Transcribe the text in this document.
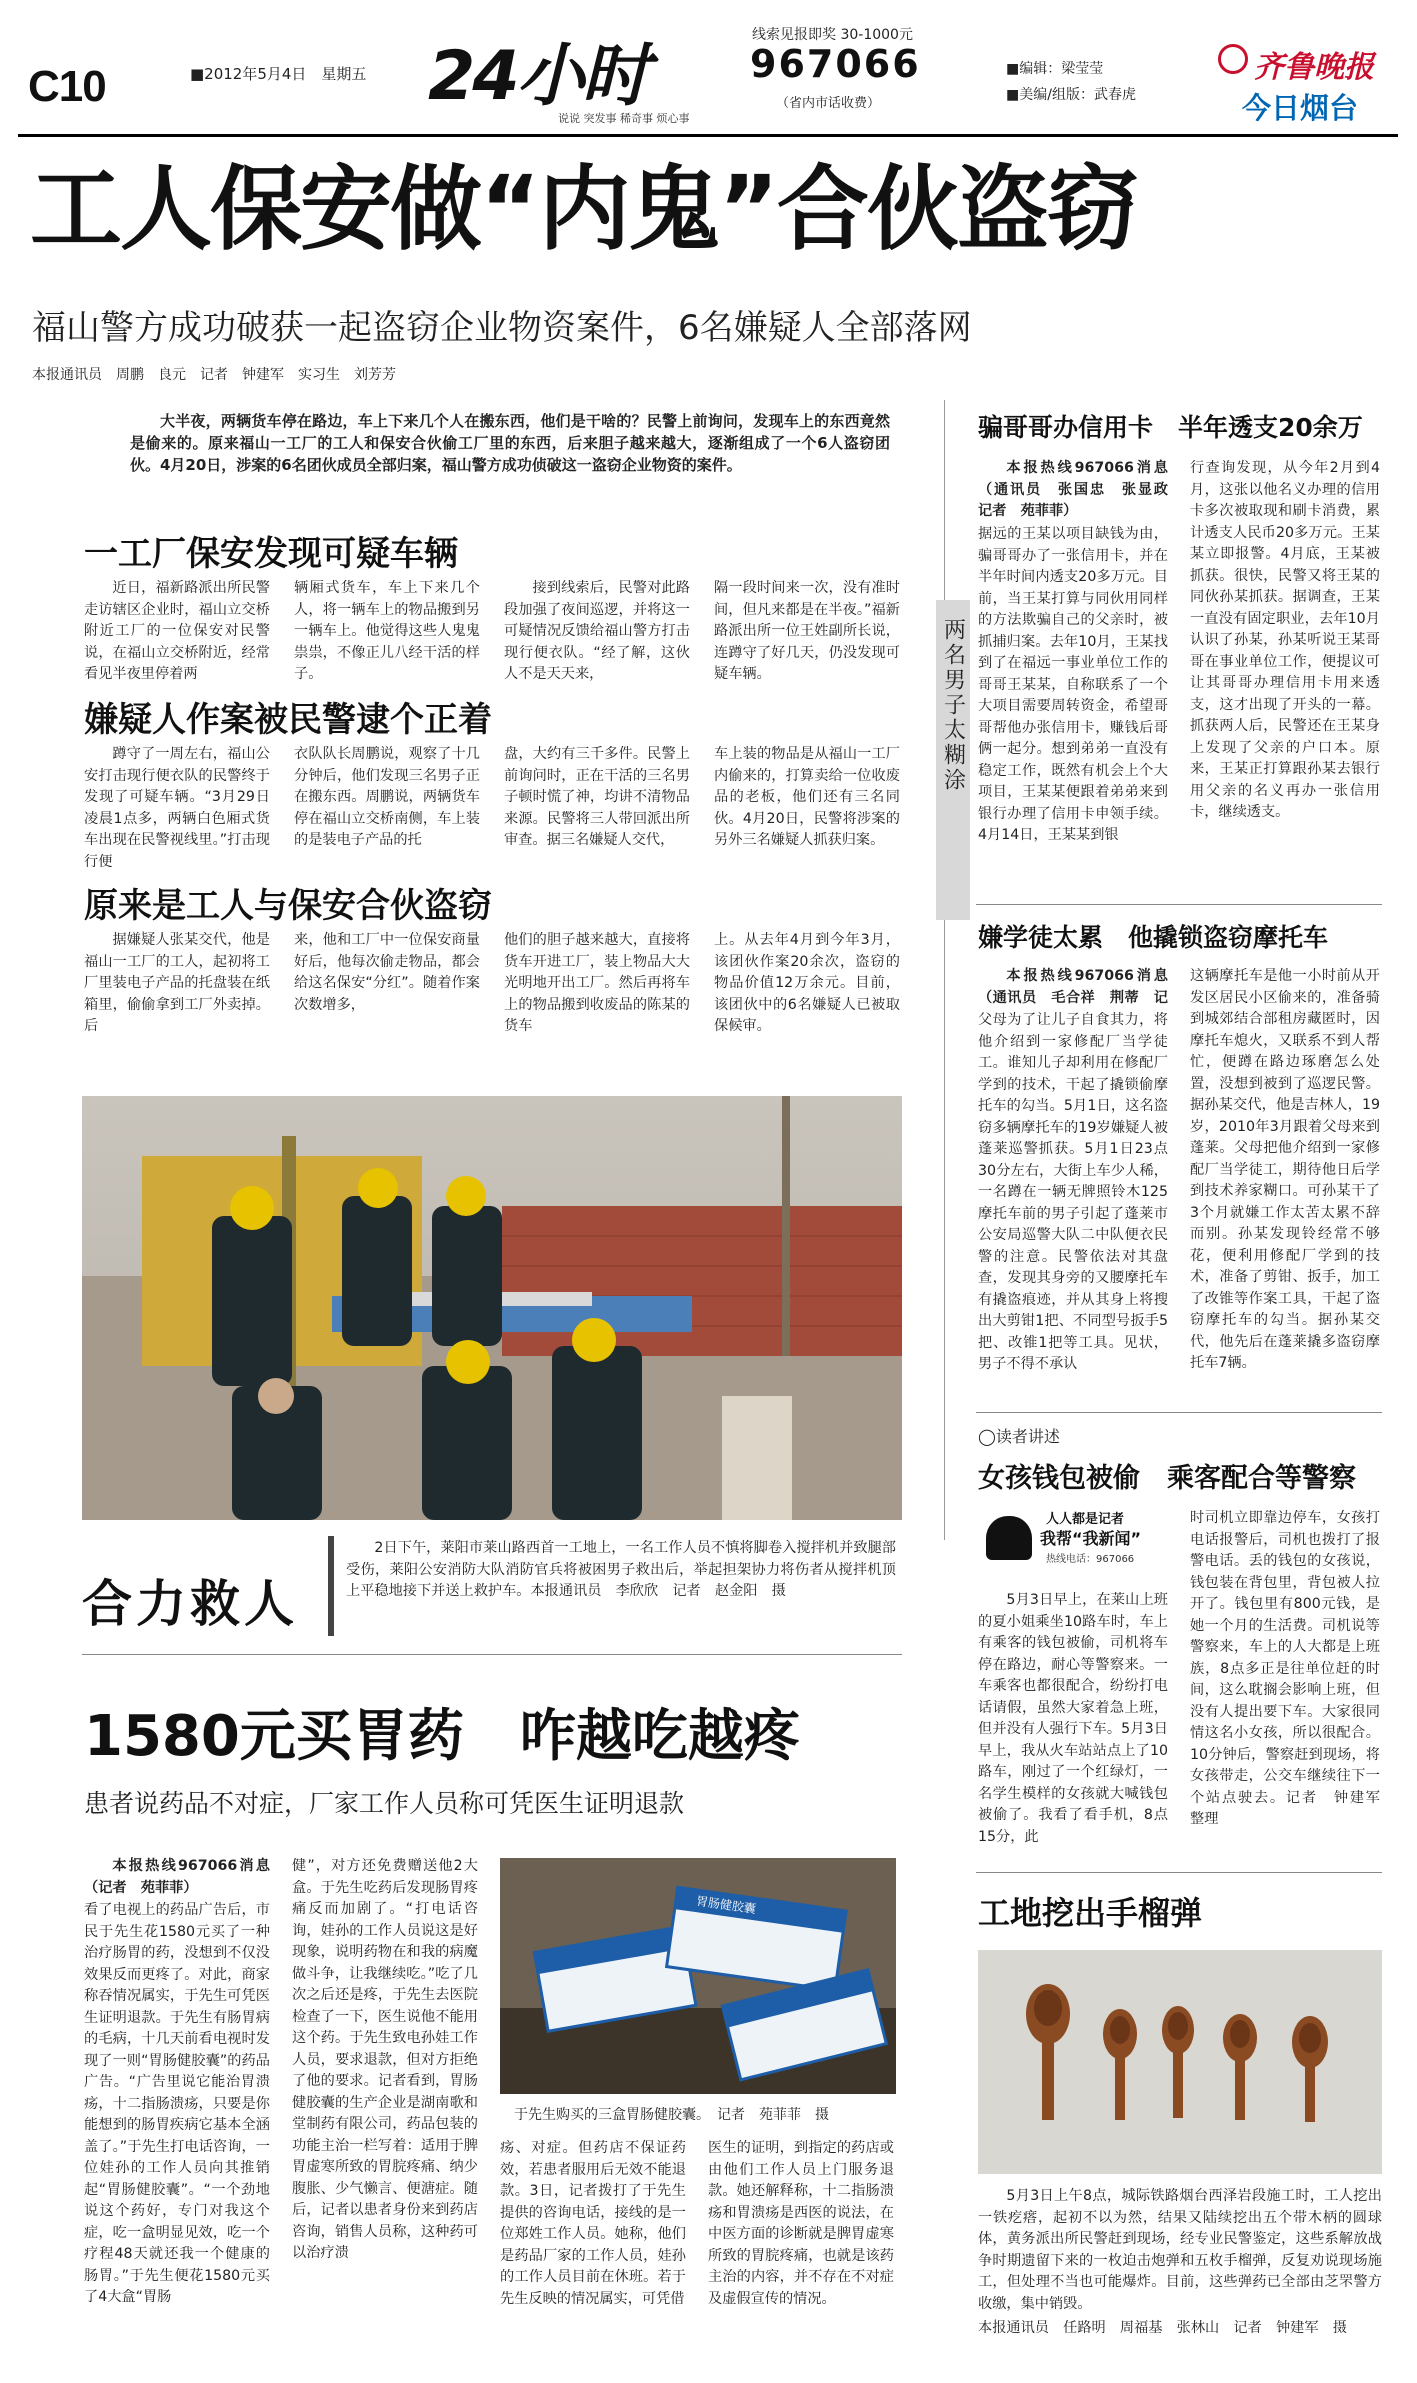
C10	■2012年5月4日　星期五 24小时
说说 突发事 稀奇事 烦心事
线索见报即奖 30-1000元
967066
（省内市话收费）
■编辑：梁莹莹
■美编/组版：武春虎
齐鲁晚报
今日烟台
工人保安做“内鬼”合伙盗窃
福山警方成功破获一起盗窃企业物资案件，6名嫌疑人全部落网
本报通讯员　周鹏　良元　记者　钟建军　实习生　刘芳芳
大半夜，两辆货车停在路边，车上下来几个人在搬东西，他们是干啥的？民警上前询问，发现车上的东西竟然是偷来的。原来福山一工厂的工人和保安合伙偷工厂里的东西，后来胆子越来越大，逐渐组成了一个6人盗窃团伙。4月20日，涉案的6名团伙成员全部归案，福山警方成功侦破这一盗窃企业物资的案件。
一工厂保安发现可疑车辆
近日，福新路派出所民警走访辖区企业时，福山立交桥附近工厂的一位保安对民警说，在福山立交桥附近，经常看见半夜里停着两
辆厢式货车，车上下来几个人，将一辆车上的物品搬到另一辆车上。他觉得这些人鬼鬼祟祟，不像正儿八经干活的样子。
接到线索后，民警对此路段加强了夜间巡逻，并将这一可疑情况反馈给福山警方打击现行便衣队。“经了解，这伙人不是天天来，
隔一段时间来一次，没有准时间，但凡来都是在半夜。”福新路派出所一位王姓副所长说，连蹲守了好几天，仍没发现可疑车辆。
嫌疑人作案被民警逮个正着
蹲守了一周左右，福山公安打击现行便衣队的民警终于发现了可疑车辆。“3月29日凌晨1点多，两辆白色厢式货车出现在民警视线里。”打击现行便
衣队队长周鹏说，观察了十几分钟后，他们发现三名男子正在搬东西。周鹏说，两辆货车停在福山立交桥南侧，车上装的是装电子产品的托
盘，大约有三千多件。民警上前询问时，正在干活的三名男子顿时慌了神，均讲不清物品来源。民警将三人带回派出所审查。据三名嫌疑人交代，
车上装的物品是从福山一工厂内偷来的，打算卖给一位收废品的老板，他们还有三名同伙。4月20日，民警将涉案的另外三名嫌疑人抓获归案。
原来是工人与保安合伙盗窃
据嫌疑人张某交代，他是福山一工厂的工人，起初将工厂里装电子产品的托盘装在纸箱里，偷偷拿到工厂外卖掉。后
来，他和工厂中一位保安商量好后，他每次偷走物品，都会给这名保安“分红”。随着作案次数增多，
他们的胆子越来越大，直接将货车开进工厂，装上物品大大光明地开出工厂。然后再将车上的物品搬到收废品的陈某的货车
上。从去年4月到今年3月，该团伙作案20余次，盗窃的物品价值12万余元。目前，该团伙中的6名嫌疑人已被取保候审。
骗哥哥办信用卡　半年透支20余万
本报热线967066消息（通讯员　张国忠　张显政　记者　苑菲菲）
据远的王某以项目缺钱为由，骗哥哥办了一张信用卡，并在半年时间内透支20多万元。目前，当王某打算与同伙用同样的方法欺骗自己的父亲时，被抓捕归案。去年10月，王某找到了在福远一事业单位工作的哥哥王某某，自称联系了一个大项目需要周转资金，希望哥哥帮他办张信用卡，赚钱后哥俩一起分。想到弟弟一直没有稳定工作，既然有机会上个大项目，王某某便跟着弟弟来到银行办理了信用卡申领手续。4月14日，王某某到银
行查询发现，从今年2月到4月，这张以他名义办理的信用卡多次被取现和刷卡消费，累计透支人民币20多万元。王某某立即报警。4月底，王某被抓获。很快，民警又将王某的同伙孙某抓获。据调查，王某一直没有固定职业，去年10月认识了孙某，孙某听说王某哥哥在事业单位工作，便提议可让其哥哥办理信用卡用来透支，这才出现了开头的一幕。抓获两人后，民警还在王某身上发现了父亲的户口本。原来，王某正打算跟孙某去银行用父亲的名义再办一张信用卡，继续透支。
两名男子太糊涂
嫌学徒太累　他撬锁盗窃摩托车
本报热线967066消息（通讯员　毛合祥　荆蒂　记　
父母为了让儿子自食其力，将他介绍到一家修配厂当学徒工。谁知儿子却利用在修配厂学到的技术，干起了撬锁偷摩托车的勾当。5月1日，这名盗窃多辆摩托车的19岁嫌疑人被蓬莱巡警抓获。5月1日23点30分左右，大街上车少人稀，一名蹲在一辆无牌照铃木125摩托车前的男子引起了蓬莱市公安局巡警大队二中队便衣民警的注意。民警依法对其盘查，发现其身旁的又腰摩托车有撬盗痕迹，并从其身上将搜出大剪钳1把、不同型号扳手5把、改锥1把等工具。见状，男子不得不承认
这辆摩托车是他一小时前从开发区居民小区偷来的，准备骑到城郊结合部租房藏匿时，因摩托车熄火，又联系不到人帮忙，便蹲在路边琢磨怎么处置，没想到被到了巡逻民警。据孙某交代，他是吉林人，19岁，2010年3月跟着父母来到蓬莱。父母把他介绍到一家修配厂当学徒工，期待他日后学到技术养家糊口。可孙某干了3个月就嫌工作太苦太累不辞而别。孙某发现铃经常不够花，便利用修配厂学到的技术，准备了剪钳、扳手，加工了改锥等作案工具，干起了盗窃摩托车的勾当。据孙某交代，他先后在蓬莱撬多盗窃摩托车7辆。
合力救人
2日下午，莱阳市莱山路西首一工地上，一名工作人员不慎将脚卷入搅拌机并致腿部受伤，莱阳公安消防大队消防官兵将被困男子救出后，举起担架协力将伤者从搅拌机顶上平稳地接下并送上救护车。本报通讯员　李欣欣　记者　赵金阳　摄
1580元买胃药　咋越吃越疼
患者说药品不对症，厂家工作人员称可凭医生证明退款
本报热线967066消息（记者　苑菲菲）
看了电视上的药品广告后，市民于先生花1580元买了一种治疗肠胃的药，没想到不仅没效果反而更疼了。对此，商家称吞情况属实，于先生可凭医生证明退款。于先生有肠胃病的毛病，十几天前看电视时发现了一则“胃肠健胶囊”的药品广告。“广告里说它能治胃溃疡，十二指肠溃疡，只要是你能想到的肠胃疾病它基本全涵盖了。”于先生打电话咨询，一位娃孙的工作人员向其推销起“胃肠健胶囊”。“一个劲地说这个药好，专门对我这个症，吃一盒明显见效，吃一个疗程48天就还我一个健康的肠胃。”于先生便花1580元买了4大盒“胃肠
健”，对方还免费赠送他2大盒。于先生吃药后发现肠胃疼痛反而加剧了。“打电话咨询，娃孙的工作人员说这是好现象，说明药物在和我的病魔做斗争，让我继续吃。”吃了几次之后还是疼，于先生去医院检查了一下，医生说他不能用这个药。于先生致电孙娃工作人员，要求退款，但对方拒绝了他的要求。记者看到，胃肠健胶囊的生产企业是湖南歌和堂制药有限公司，药品包装的功能主治一栏写着：适用于脾胃虚寒所致的胃脘疼痛、纳少腹胀、少气懒言、便溏症。随后，记者以患者身份来到药店咨询，销售人员称，这种药可以治疗溃
胃肠健胶囊
于先生购买的三盒胃肠健胶囊。　记者　苑菲菲　摄
疡、对症。但药店不保证药效，若患者服用后无效不能退款。3日，记者拨打了于先生提供的咨询电话，接线的是一位郑姓工作人员。她称，他们是药品厂家的工作人员，娃孙的工作人员目前在休班。若于先生反映的情况属实，可凭借
医生的证明，到指定的药店或由他们工作人员上门服务退款。她还解释称，十二指肠溃疡和胃溃疡是西医的说法，在中医方面的诊断就是脾胃虚寒所致的胃脘疼痛，也就是该药主治的内容，并不存在不对症及虚假宣传的情况。
◯读者讲述
女孩钱包被偷　乘客配合等警察
人人都是记者
我帮“我新闻”
热线电话：967066
5月3日早上，在莱山上班的夏小姐乘坐10路车时，车上有乘客的钱包被偷，司机将车停在路边，耐心等警察来。一车乘客也都很配合，纷纷打电话请假，虽然大家着急上班，但并没有人强行下车。5月3日早上，我从火车站站点上了10路车，刚过了一个红绿灯，一名学生模样的女孩就大喊钱包被偷了。我看了看手机，8点15分，此
时司机立即靠边停车，女孩打电话报警后，司机也拨打了报警电话。丢的钱包的女孩说，钱包装在背包里，背包被人拉开了。钱包里有800元钱，是她一个月的生活费。司机说等警察来，车上的人大都是上班族，8点多正是往单位赶的时间，这么耽搁会影响上班，但没有人提出要下车。大家很同情这名小女孩，所以很配合。10分钟后，警察赶到现场，将女孩带走，公交车继续往下一个站点驶去。记者　钟建军　整理
工地挖出手榴弹
5月3日上午8点，城际铁路烟台西泽岩段施工时，工人挖出一铁疙瘩，起初不以为然，结果又陆续挖出五个带木柄的圆球体，黄务派出所民警赶到现场，经专业民警鉴定，这些系解放战争时期遗留下来的一枚迫击炮弹和五枚手榴弹，反复劝说现场施工，但处理不当也可能爆炸。目前，这些弹药已全部由芝罘警方收缴，集中销毁。
本报通讯员　任路明　周福基　张林山　记者　钟建军　摄
